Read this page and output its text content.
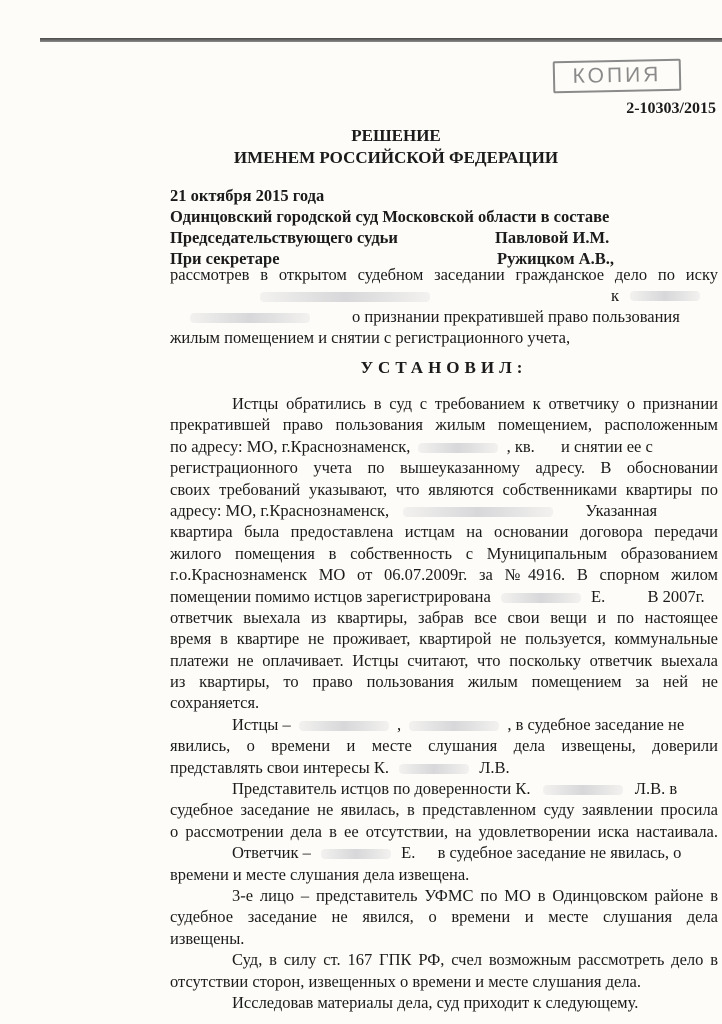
КОПИЯ
2-10303/2015
РЕШЕНИЕ
ИМЕНЕМ РОССИЙСКОЙ ФЕДЕРАЦИИ
21 октября 2015 года
Одинцовский городской суд Московской области в составе
Председательствующего судьи	Павловой И.М.
При секретаре	Ружицком А.В.,
рассмотрев в открытом судебном заседании гражданское дело по иску
к
о признании прекратившей право пользования
жилым помещением и снятии с регистрационного учета,
УСТАНОВИЛ:
Истцы обратились в суд с требованием к ответчику о признании
прекратившей право пользования жилым помещением, расположенным
по адресу: МО, г.Краснознаменск,	, кв. и снятии ее с
регистрационного учета по вышеуказанному адресу. В обосновании
своих требований указывают, что являются собственниками квартиры по
адресу: МО, г.Краснознаменск,	Указанная
квартира была предоставлена истцам на основании договора передачи
жилого помещения в собственность с Муниципальным образованием
г.о.Краснознаменск МО от 06.07.2009г. за №4916. В спорном жилом
помещении помимо истцов зарегистрирована	Е.	В 2007г.
ответчик выехала из квартиры, забрав все свои вещи и по настоящее
время в квартире не проживает, квартирой не пользуется, коммунальные
платежи не оплачивает. Истцы считают, что поскольку ответчик выехала
из квартиры, то право пользования жилым помещением за ней не
сохраняется.
Истцы –	,	, в судебное заседание не
явились, о времени и месте слушания дела извещены, доверили
представлять свои интересы К.	Л.В.
Представитель истцов по доверенности К.	Л.В. в
судебное заседание не явилась, в представленном суду заявлении просила
о рассмотрении дела в ее отсутствии, на удовлетворении иска настаивала.
Ответчик –	Е. в судебное заседание не явилась, о
времени и месте слушания дела извещена.
3-е лицо – представитель УФМС по МО в Одинцовском районе в
судебное заседание не явился, о времени и месте слушания дела
извещены.
Суд, в силу ст. 167 ГПК РФ, счел возможным рассмотреть дело в
отсутствии сторон, извещенных о времени и месте слушания дела.
Исследовав материалы дела, суд приходит к следующему.
